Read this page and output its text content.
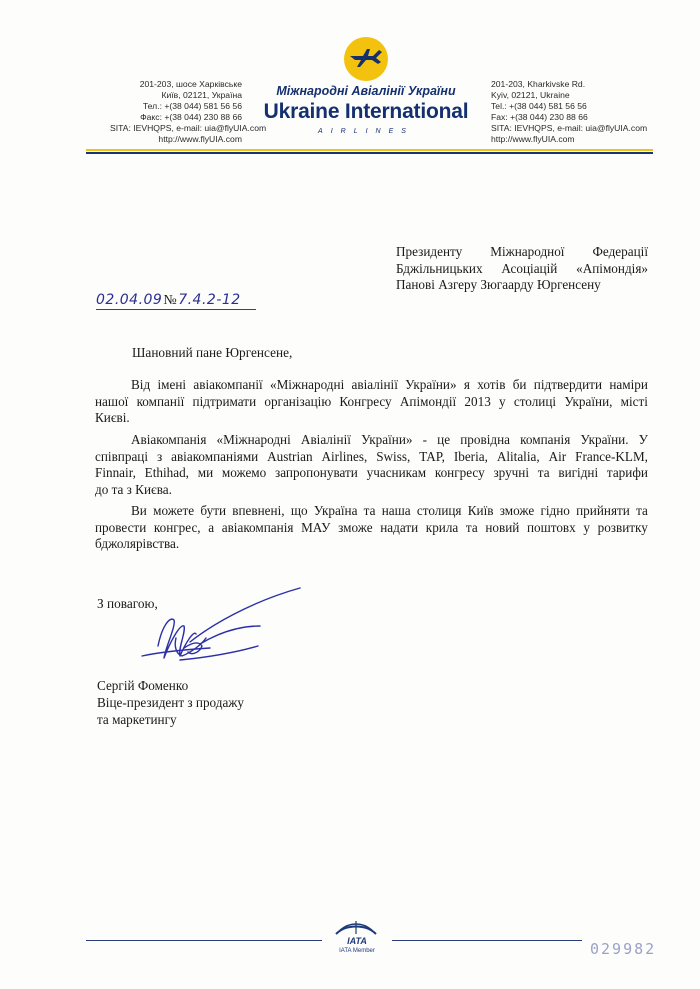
201-203, шосе Харківське
Київ, 02121, Україна
Тел.: +(38 044) 581 56 56
Факс: +(38 044) 230 88 66
SITA: IEVHQPS, e-mail: uia@flyUIA.com
http://www.flyUIA.com
Міжнародні Авіалінії України
Ukraine International
AIRLINES
201-203, Kharkivske Rd.
Kyiv, 02121, Ukraine
Tel.: +(38 044) 581 56 56
Fax: +(38 044) 230 88 66
SITA: IEVHQPS, e-mail: uia@flyUIA.com
http://www.flyUIA.com
Президенту Міжнародної Федерації
Бджільницьких Асоціацій «Апімондія»
Панові Азгеру Зюгаарду Юргенсену
02.04.09№7.4.2-12
Шановний пане Юргенсене,
Від імені авіакомпанії «Міжнародні авіалінії України» я хотів би підтвердити наміри
нашої компанії підтримати організацію Конгресу Апімондії 2013 у столиці України, місті
Києві.
Авіакомпанія «Міжнародні Авіалінії України» - це провідна компанія України. У
співпраці з авіакомпаніями Austrian Airlines, Swiss, TAP, Iberia, Alitalia, Air France-KLM,
Finnair, Ethihad, ми можемо запропонувати учасникам конгресу зручні та вигідні тарифи
до та з Києва.
Ви можете бути впевнені, що Україна та наша столиця Київ зможе гідно прийняти та
провести конгрес, а авіакомпанія МАУ зможе надати крила та новий поштовх у розвитку
бджолярівства.
З повагою,
Сергій Фоменко
Віце-президент з продажу
та маркетингу
IATA
IATA Member	029982
